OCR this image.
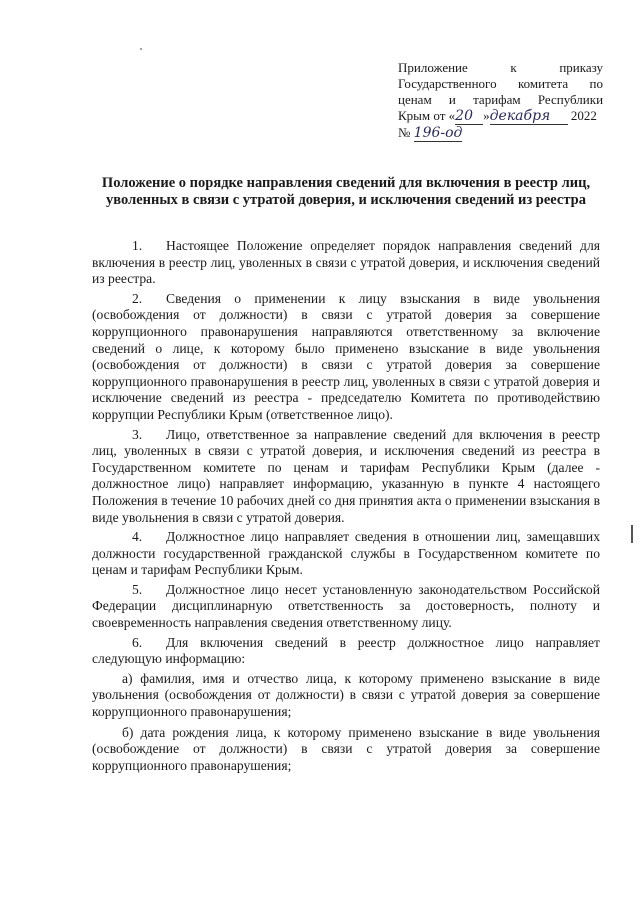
Приложение	к	приказу
Государственного комитета по
ценам и тарифам Республики
Крым от «20 »декабря 2022
№ 196-од
Положение о порядке направления сведений для включения в реестр лиц, уволенных в связи с утратой доверия, и исключения сведений из реестра

1. Настоящее Положение определяет порядок направления сведений для включения в реестр лиц, уволенных в связи с утратой доверия, и исключения сведений из реестра.

2. Сведения о применении к лицу взыскания в виде увольнения (освобождения от должности) в связи с утратой доверия за совершение коррупционного правонарушения направляются ответственному за включение сведений о лице, к которому было применено взыскание в виде увольнения (освобождения от должности) в связи с утратой доверия за совершение коррупционного правонарушения в реестр лиц, уволенных в связи с утратой доверия и исключение сведений из реестра - председателю Комитета по противодействию коррупции Республики Крым (ответственное лицо).

3. Лицо, ответственное за направление сведений для включения в реестр лиц, уволенных в связи с утратой доверия, и исключения сведений из реестра в Государственном комитете по ценам и тарифам Республики Крым (далее - должностное лицо) направляет информацию, указанную в пункте 4 настоящего Положения в течение 10 рабочих дней со дня принятия акта о применении взыскания в виде увольнения в связи с утратой доверия.

4. Должностное лицо направляет сведения в отношении лиц, замещавших должности государственной гражданской службы в Государственном комитете по ценам и тарифам Республики Крым.

5. Должностное лицо несет установленную законодательством Российской Федерации дисциплинарную ответственность за достоверность, полноту и своевременность направления сведения ответственному лицу.

6. Для включения сведений в реестр должностное лицо направляет следующую информацию:

а) фамилия, имя и отчество лица, к которому применено взыскание в виде увольнения (освобождения от должности) в связи с утратой доверия за совершение коррупционного правонарушения;

б) дата рождения лица, к которому применено взыскание в виде увольнения (освобождение от должности) в связи с утратой доверия за совершение коррупционного правонарушения;
